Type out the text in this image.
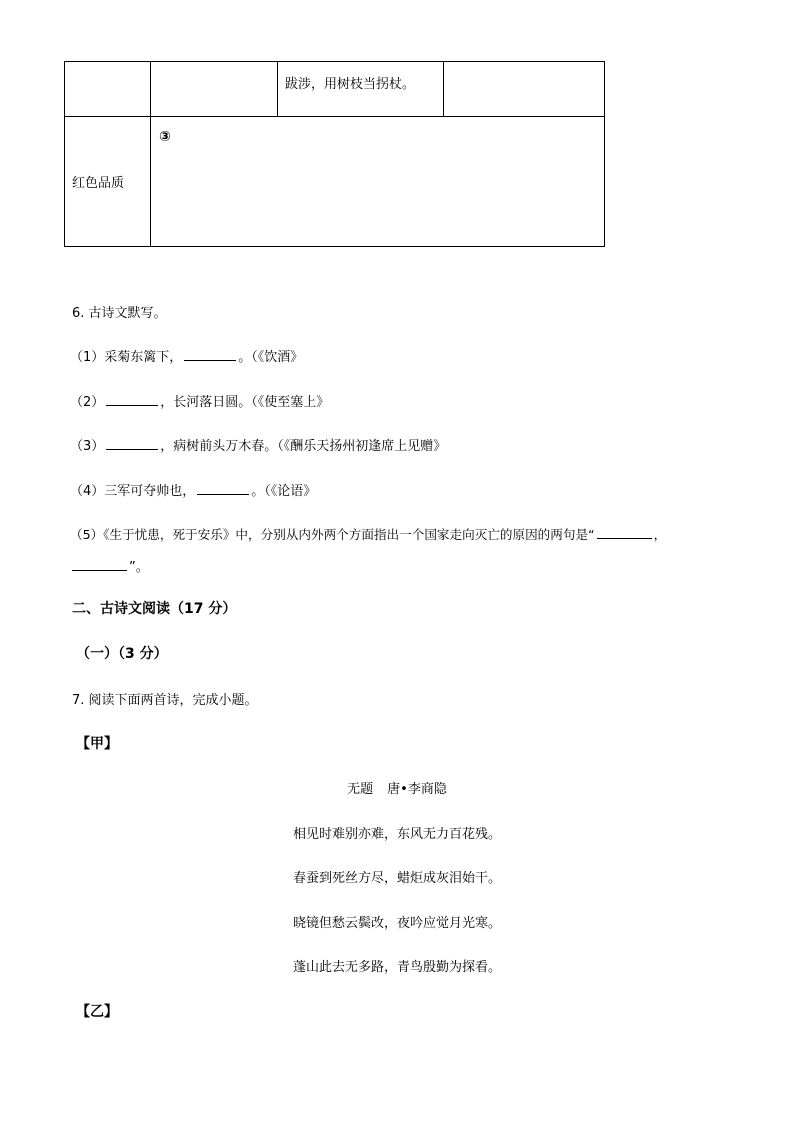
		跋涉，用树枝当拐杖。	

红色品质	③		
6. 古诗文默写。
（1）采菊东篱下，	。（《饮酒》
（2）	，长河落日圆。（《使至塞上》
（3）	，病树前头万木春。（《酬乐天扬州初逢席上见赠》
（4）三军可夺帅也，	。（《论语》
（5）《生于忧患，死于安乐》中，分别从内外两个方面指出一个国家走向灭亡的原因的两句是“	，
”。
二、古诗文阅读（17 分）
（一）（3 分）
7. 阅读下面两首诗，完成小题。
【甲】
无题 唐•李商隐
相见时难别亦难，东风无力百花残。
春蚕到死丝方尽，蜡炬成灰泪始干。
晓镜但愁云鬓改，夜吟应觉月光寒。
蓬山此去无多路，青鸟殷勤为探看。
【乙】
